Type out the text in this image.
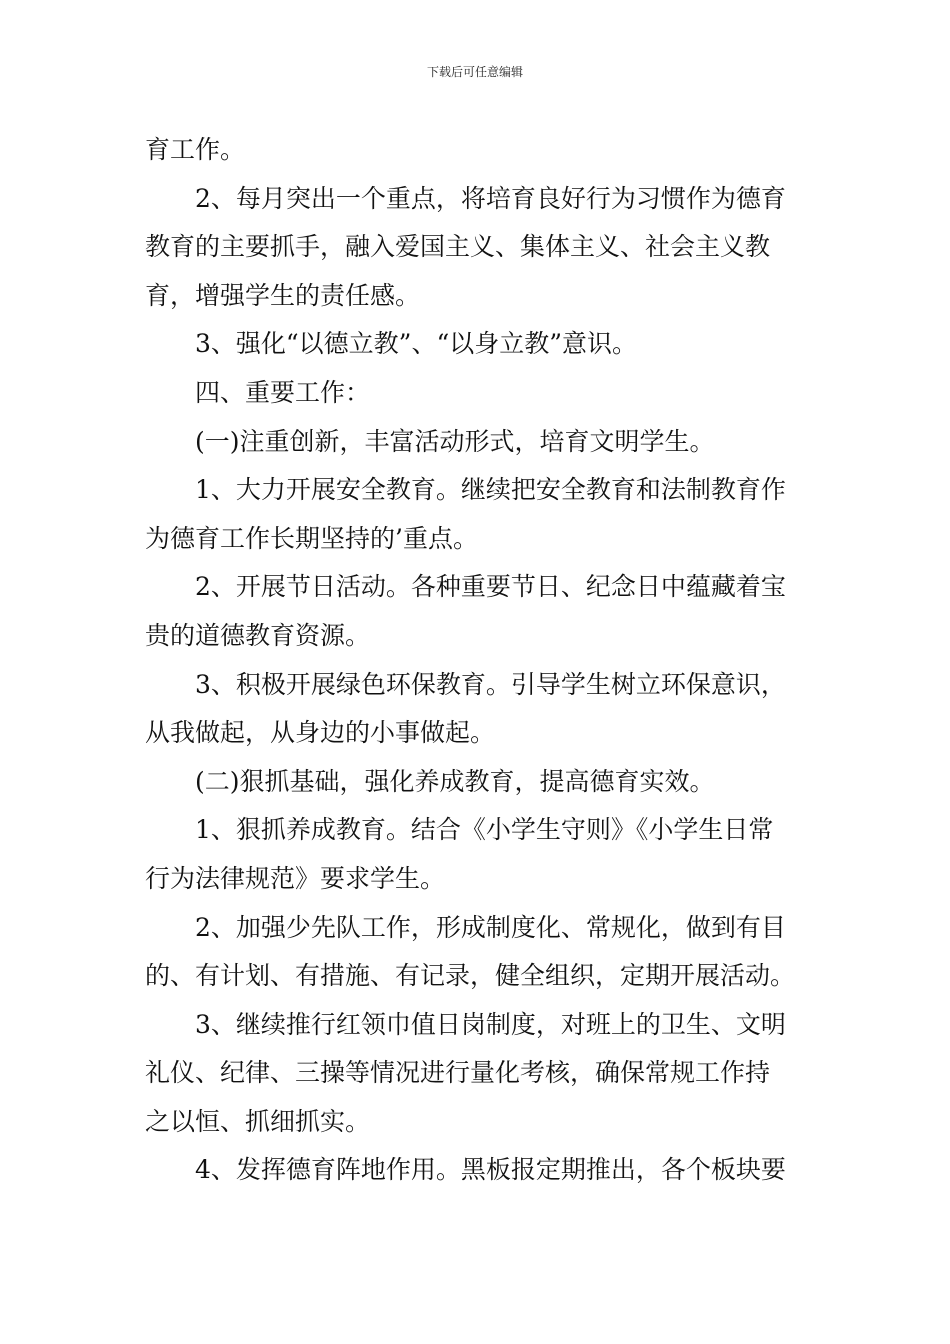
下载后可任意编辑
育工作。
2、每月突出一个重点，将培育良好行为习惯作为德育
教育的主要抓手，融入爱国主义、集体主义、社会主义教
育，增强学生的责任感。
3、强化“以德立教”、“以身立教”意识。
四、重要工作：
(一)注重创新，丰富活动形式，培育文明学生。
1、大力开展安全教育。继续把安全教育和法制教育作
为德育工作长期坚持的’重点。
2、开展节日活动。各种重要节日、纪念日中蕴藏着宝
贵的道德教育资源。
3、积极开展绿色环保教育。引导学生树立环保意识，
从我做起，从身边的小事做起。
(二)狠抓基础，强化养成教育，提高德育实效。
1、狠抓养成教育。结合《小学生守则》《小学生日常
行为法律规范》要求学生。
2、加强少先队工作，形成制度化、常规化，做到有目
的、有计划、有措施、有记录，健全组织，定期开展活动。
3、继续推行红领巾值日岗制度，对班上的卫生、文明
礼仪、纪律、三操等情况进行量化考核，确保常规工作持
之以恒、抓细抓实。
4、发挥德育阵地作用。黑板报定期推出，各个板块要
